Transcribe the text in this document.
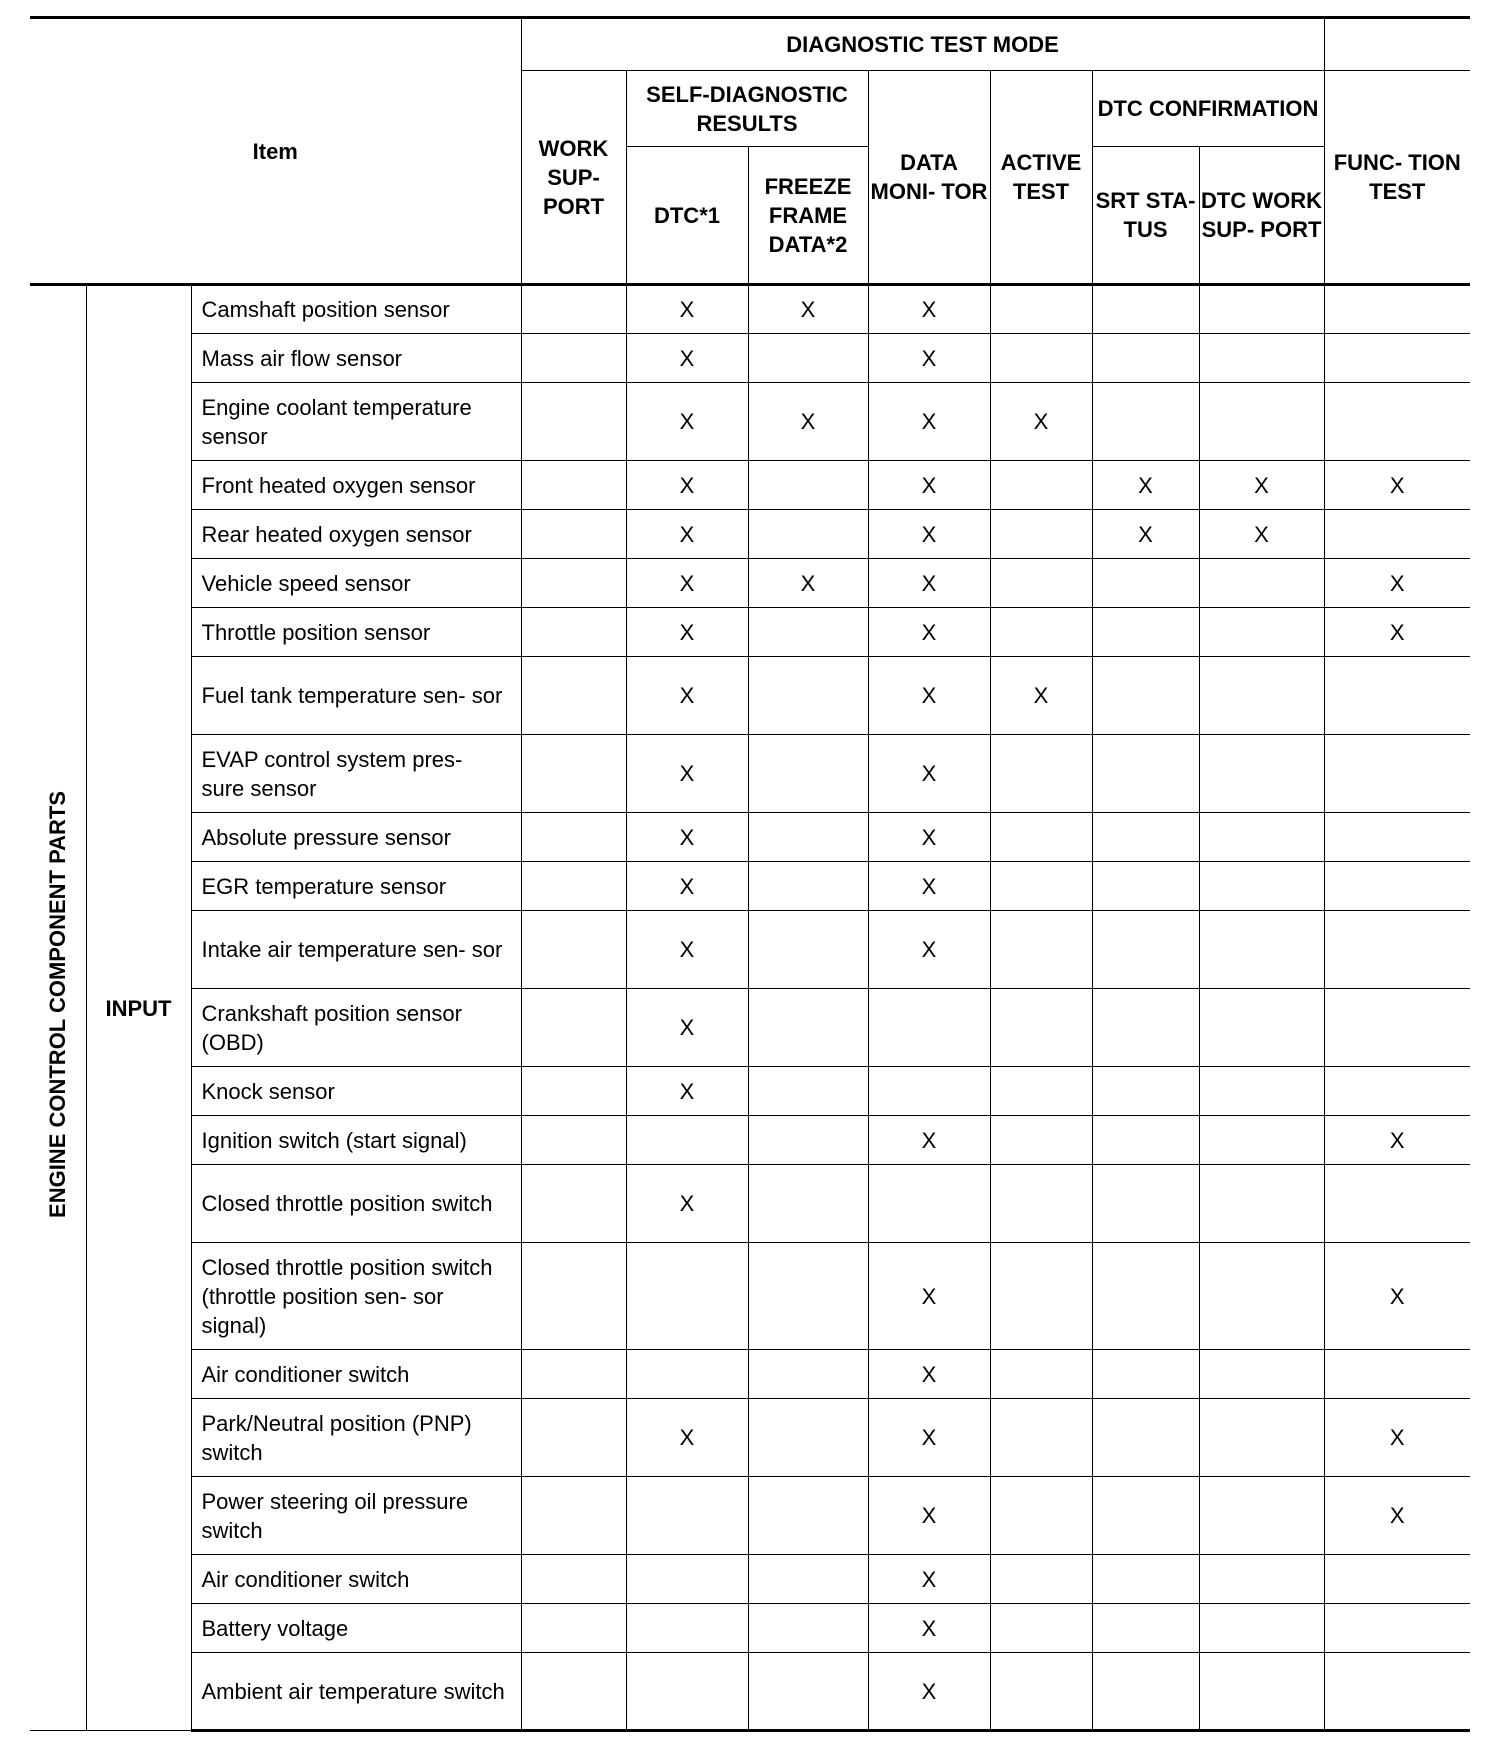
Item			DIAGNOSTIC TEST MODE							
			WORK SUP- PORT	SELF-DIAGNOSTIC RESULTS		DATA MONI- TOR	ACTIVE TEST	DTC CONFIRMATION		FUNC- TION TEST
				DTC*1	FREEZE FRAME DATA*2			SRT STA- TUS	DTC WORK SUP- PORT	
ENGINE CONTROL COMPONENT PARTS	INPUT	Camshaft position sensor		X	X	X				
		Mass air flow sensor		X		X				
		Engine coolant temperature sensor		X	X	X	X			
		Front heated oxygen sensor		X		X		X	X	X
		Rear heated oxygen sensor		X		X		X	X	
		Vehicle speed sensor		X	X	X				X
		Throttle position sensor		X		X				X
		Fuel tank temperature sen- sor		X		X	X			
		EVAP control system pres- sure sensor		X		X				
		Absolute pressure sensor		X		X				
		EGR temperature sensor		X		X				
		Intake air temperature sen- sor		X		X				
		Crankshaft position sensor (OBD)		X						
		Knock sensor		X						
		Ignition switch (start signal)				X				X
		Closed throttle position switch		X						
		Closed throttle position switch (throttle position sen- sor signal)				X				X
		Air conditioner switch				X				
		Park/Neutral position (PNP) switch		X		X				X
		Power steering oil pressure switch				X				X
		Air conditioner switch				X				
		Battery voltage				X				
		Ambient air temperature switch				X				
